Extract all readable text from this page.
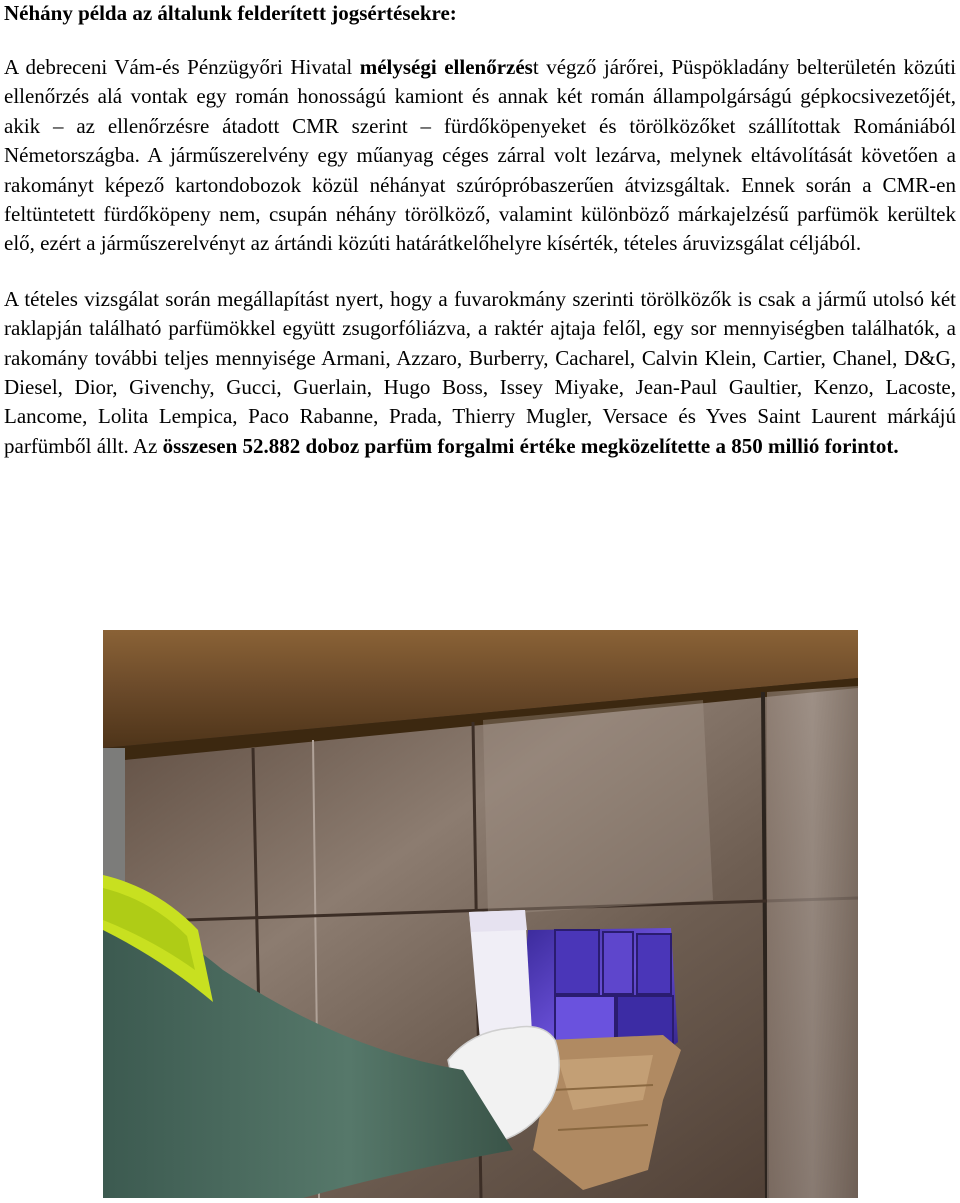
Néhány példa az általunk felderített jogsértésekre:

A debreceni Vám-és Pénzügyőri Hivatal mélységi ellenőrzést végző járőrei, Püspökladány belterületén közúti ellenőrzés alá vontak egy román honosságú kamiont és annak két román állampolgárságú gépkocsivezetőjét, akik – az ellenőrzésre átadott CMR szerint – fürdőköpenyeket és törölközőket szállítottak Romániából Németországba. A járműszerelvény egy műanyag céges zárral volt lezárva, melynek eltávolítását követően a rakományt képező kartondobozok közül néhányat szúrópróbaszerűen átvizsgáltak. Ennek során a CMR-en feltüntetett fürdőköpeny nem, csupán néhány törölköző, valamint különböző márkajelzésű parfümök kerültek elő, ezért a járműszerelvényt az ártándi közúti határátkelőhelyre kísérték, tételes áruvizsgálat céljából.

A tételes vizsgálat során megállapítást nyert, hogy a fuvarokmány szerinti törölközők is csak a jármű utolsó két raklapján található parfümökkel együtt zsugorfóliázva, a raktér ajtaja felől, egy sor mennyiségben találhatók, a rakomány további teljes mennyisége Armani, Azzaro, Burberry, Cacharel, Calvin Klein, Cartier, Chanel, D&G, Diesel, Dior, Givenchy, Gucci, Guerlain, Hugo Boss, Issey Miyake, Jean-Paul Gaultier, Kenzo, Lacoste, Lancome, Lolita Lempica, Paco Rabanne, Prada, Thierry Mugler, Versace és Yves Saint Laurent márkájú parfümből állt. Az összesen 52.882 doboz parfüm forgalmi értéke megközelítette a 850 millió forintot.
